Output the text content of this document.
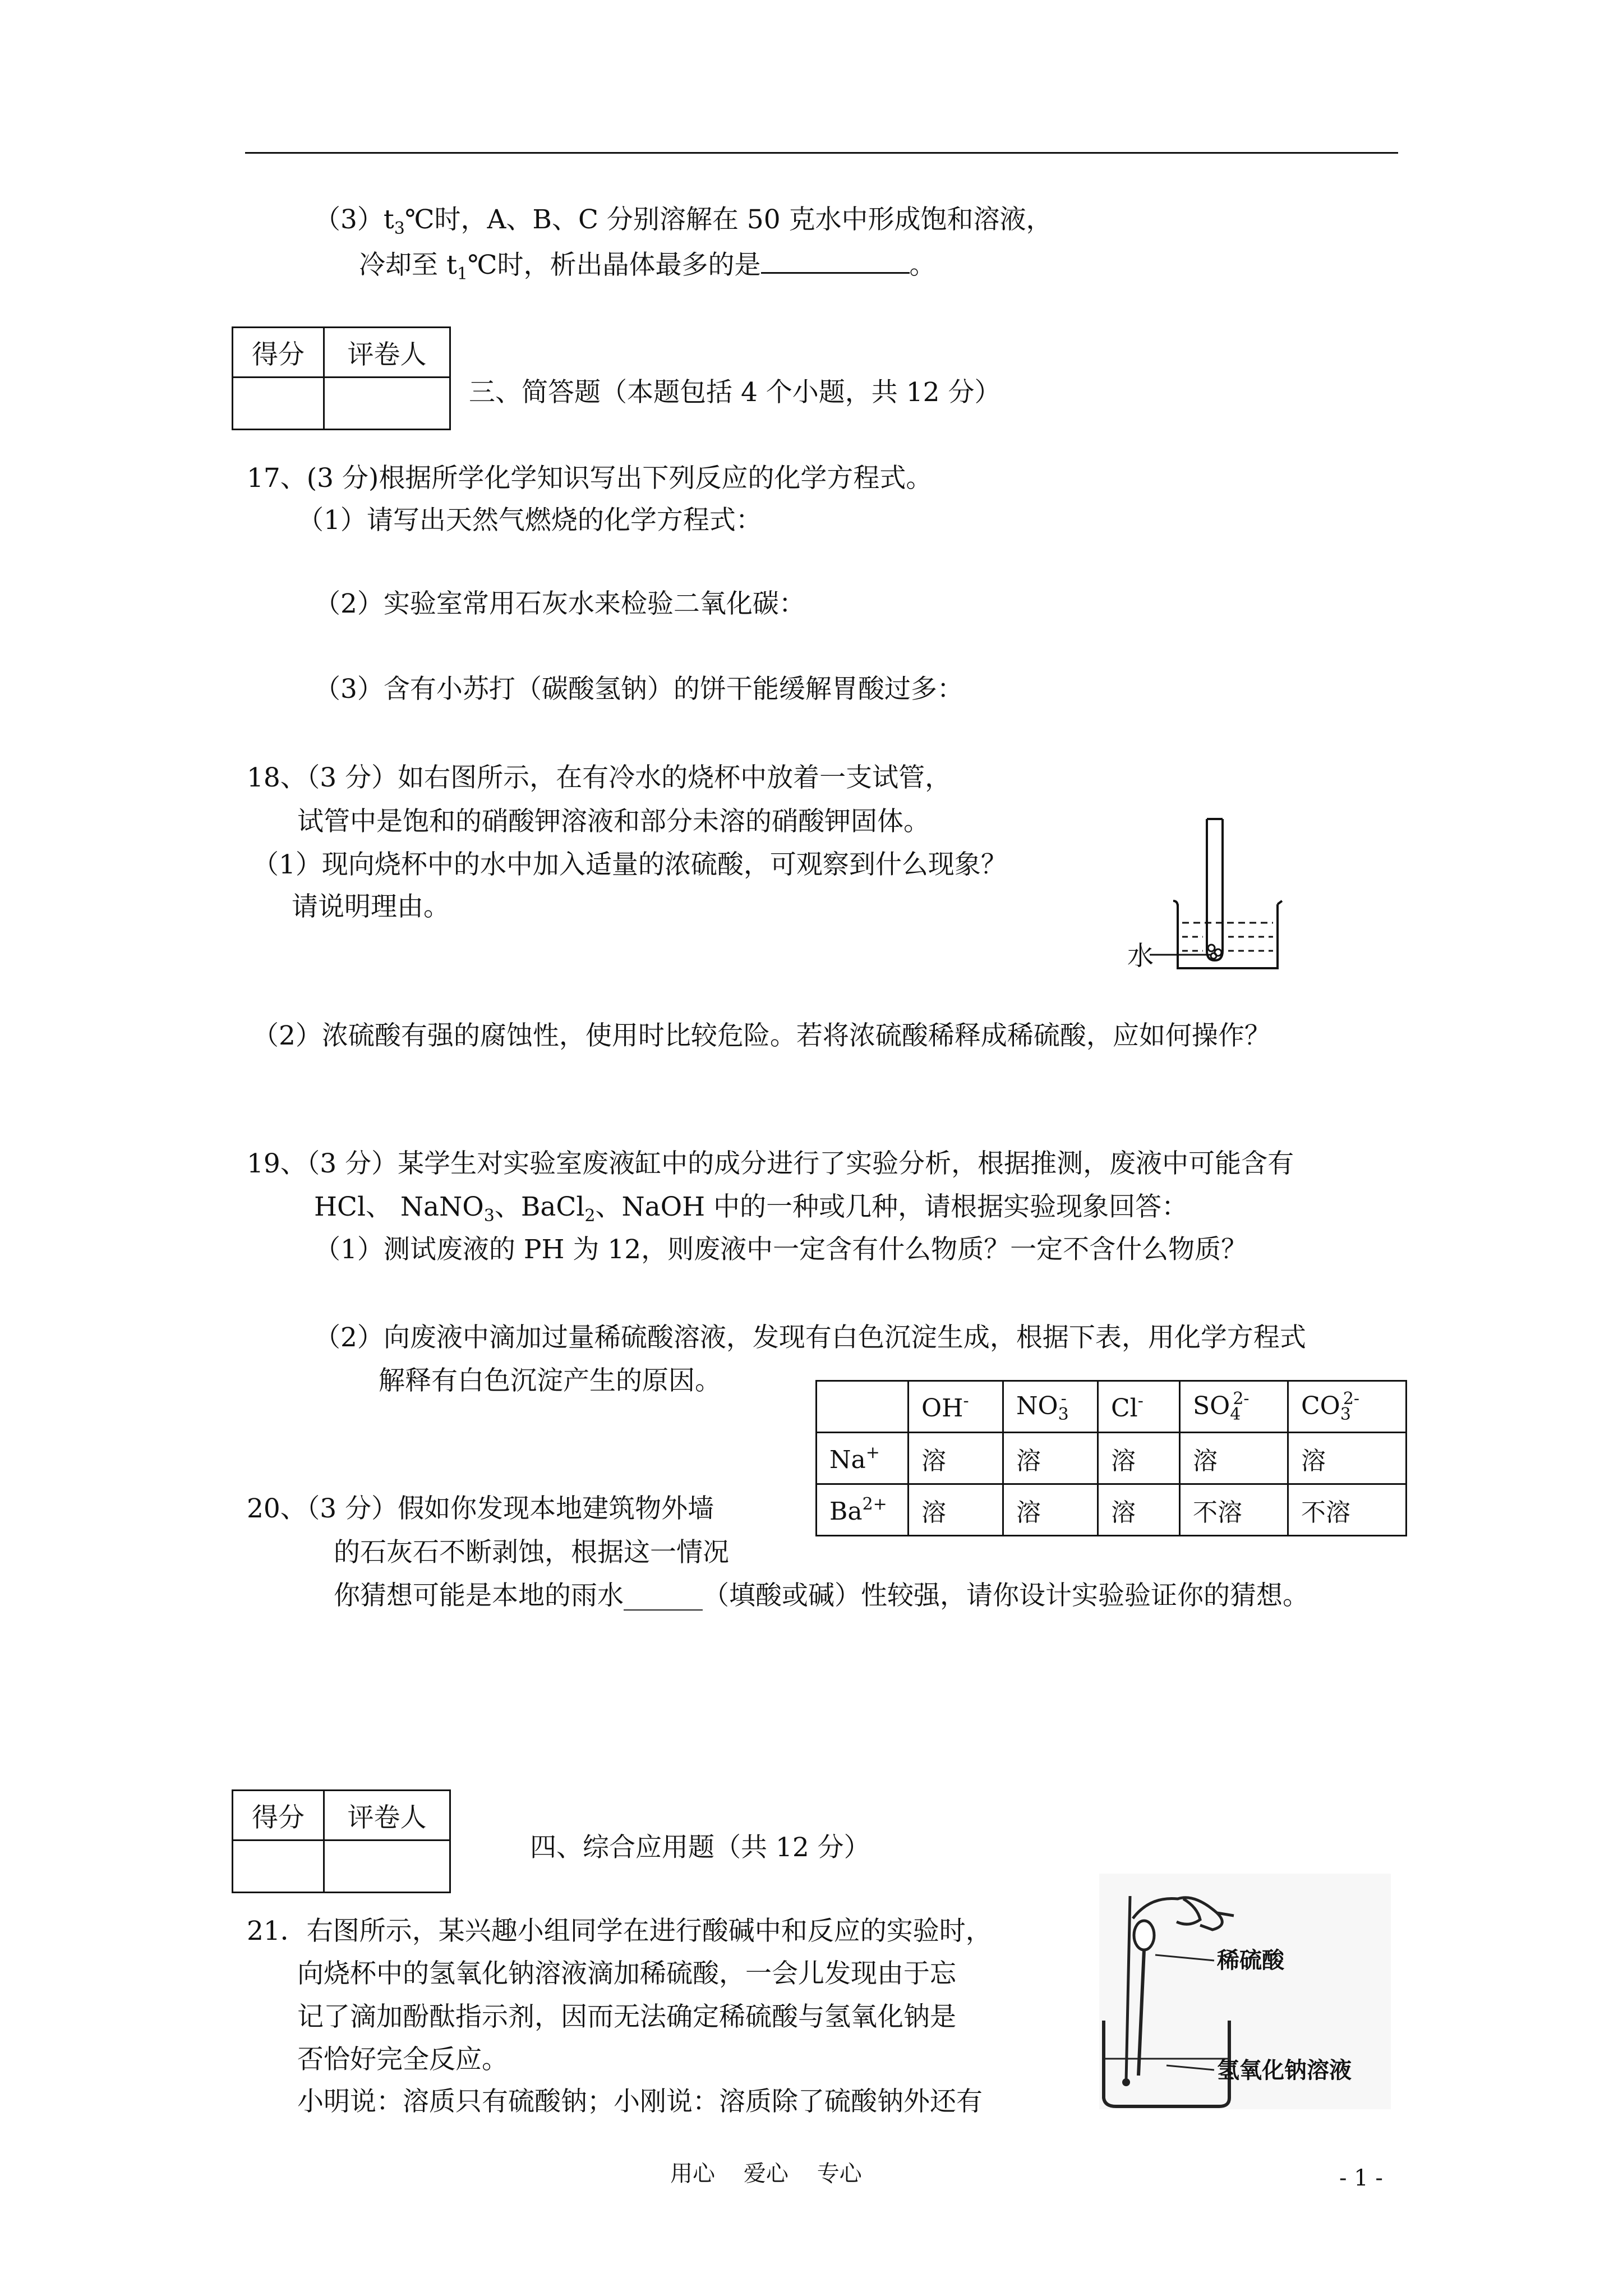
$(3)t_3℃$时，A、B、C 分别溶解在 50 克水中形成饱和溶液，
冷却至 $t_1℃$时，析出晶体最多的是	。
得分	评卷人

三、简答题（本题包括 4 个小题，共 12 分）
17、(3 分)根据所学化学知识写出下列反应的化学方程式。
（1）请写出天然气燃烧的化学方程式：
（2）实验室常用石灰水来检验二氧化碳：
（3）含有小苏打（碳酸氢钠）的饼干能缓解胃酸过多：
18、（3 分）如右图所示，在有冷水的烧杯中放着一支试管，
试管中是饱和的硝酸钾溶液和部分未溶的硝酸钾固体。
（1）现向烧杯中的水中加入适量的浓硫酸，可观察到什么现象？
请说明理由。
水
（2）浓硫酸有强的腐蚀性，使用时比较危险。若将浓硫酸稀释成稀硫酸，应如何操作？
19、（3 分）某学生对实验室废液缸中的成分进行了实验分析，根据推测，废液中可能含有
HCl、 NaNO$_3$、BaCl$_2$、NaOH 中的一种或几种，请根据实验现象回答：
（1）测试废液的 PH 为 12，则废液中一定含有什么物质？一定不含什么物质？
（2）向废液中滴加过量稀硫酸溶液，发现有白色沉淀生成，根据下表，用化学方程式
解释有白色沉淀产生的原因。
	OH-	$NO_3^-$	Cl-	$SO_4^{2-}$	$CO_3^{2-}$
Na+	溶	溶	溶	溶	溶
$Ba^{2+}$	溶	溶	溶	不溶	不溶
20、（3 分）假如你发现本地建筑物外墙
的石灰石不断剥蚀，根据这一情况
你猜想可能是本地的雨水______（填酸或碱）性较强，请你设计实验验证你的猜想。
得分	评卷人

四、综合应用题（共 12 分）
21．右图所示，某兴趣小组同学在进行酸碱中和反应的实验时，
向烧杯中的氢氧化钠溶液滴加稀硫酸，一会儿发现由于忘
记了滴加酚酞指示剂，因而无法确定稀硫酸与氢氧化钠是
否恰好完全反应。
小明说：溶质只有硫酸钠；小刚说：溶质除了硫酸钠外还有
稀硫酸
氢氧化钠溶液
用心    爱心    专心	- 1 -
